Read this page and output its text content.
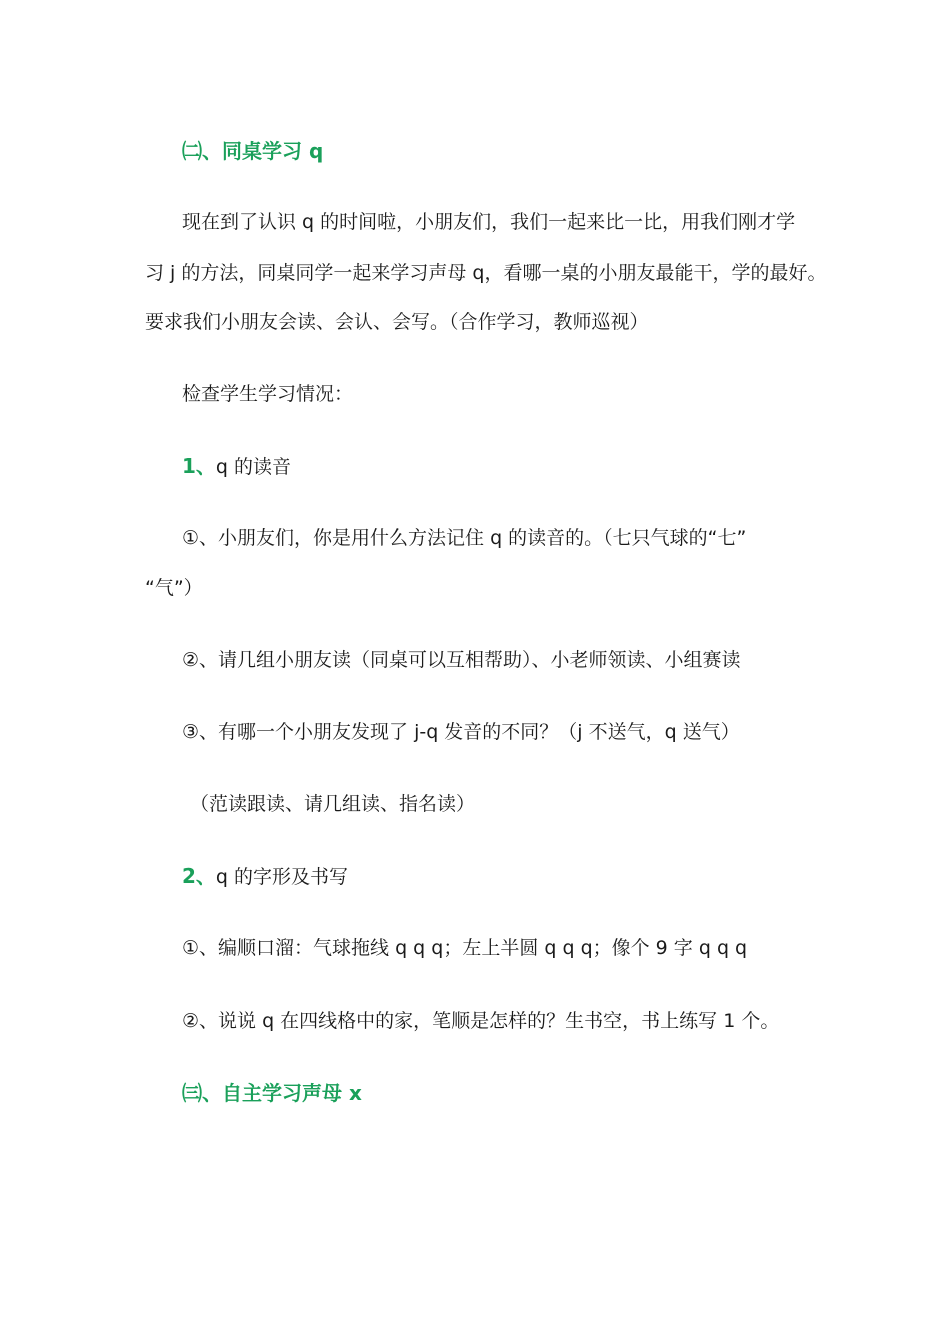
㈡、同桌学习 q
现在到了认识 q 的时间啦，小朋友们，我们一起来比一比，用我们刚才学
习 j 的方法，同桌同学一起来学习声母 q，看哪一桌的小朋友最能干，学的最好。
要求我们小朋友会读、会认、会写。（合作学习，教师巡视）
检查学生学习情况：
1、q 的读音
①、小朋友们，你是用什么方法记住 q 的读音的。（七只气球的“七”
“气”）
②、请几组小朋友读（同桌可以互相帮助）、小老师领读、小组赛读
③、有哪一个小朋友发现了 j-q 发音的不同？（j 不送气，q 送气）
（范读跟读、请几组读、指名读）
2、q 的字形及书写
①、编顺口溜：气球拖线 q q q；左上半圆 q q q；像个 9 字 q q q
②、说说 q 在四线格中的家，笔顺是怎样的？生书空，书上练写 1 个。
㈢、自主学习声母 x
